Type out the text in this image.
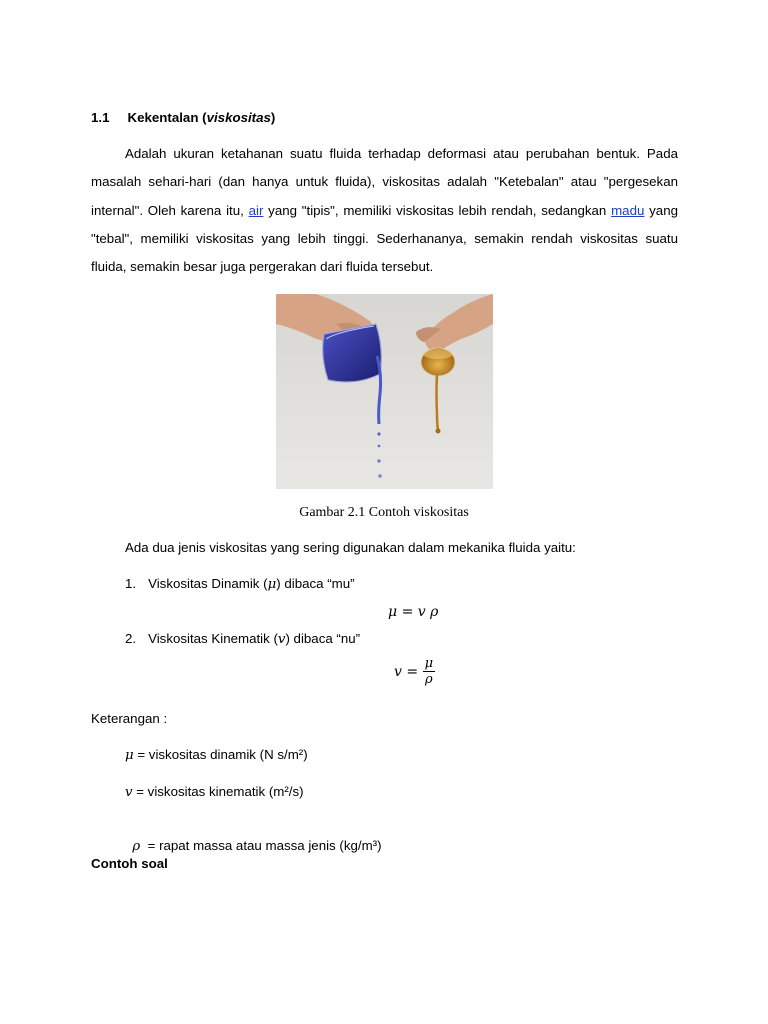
1.1 Kekentalan (viskositas)

Adalah ukuran ketahanan suatu fluida terhadap deformasi atau perubahan bentuk. Pada masalah sehari-hari (dan hanya untuk fluida), viskositas adalah "Ketebalan" atau "pergesekan internal". Oleh karena itu, air yang "tipis", memiliki viskositas lebih rendah, sedangkan madu yang "tebal", memiliki viskositas yang lebih tinggi. Sederhananya, semakin rendah viskositas suatu fluida, semakin besar juga pergerakan dari fluida tersebut.

Gambar 2.1 Contoh viskositas
Ada dua jenis viskositas yang sering digunakan dalam mekanika fluida yaitu:
1. Viskositas Dinamik (μ) dibaca “mu”
μ = v ρ
2. Viskositas Kinematik (v) dibaca “nu”
v
=
$\frac{\mu}{\rho}$
Keterangan :
μ = viskositas dinamik (N s/m²)
v = viskositas kinematik (m²/s)

ρ  = rapat massa atau massa jenis (kg/m³)

Contoh soal
